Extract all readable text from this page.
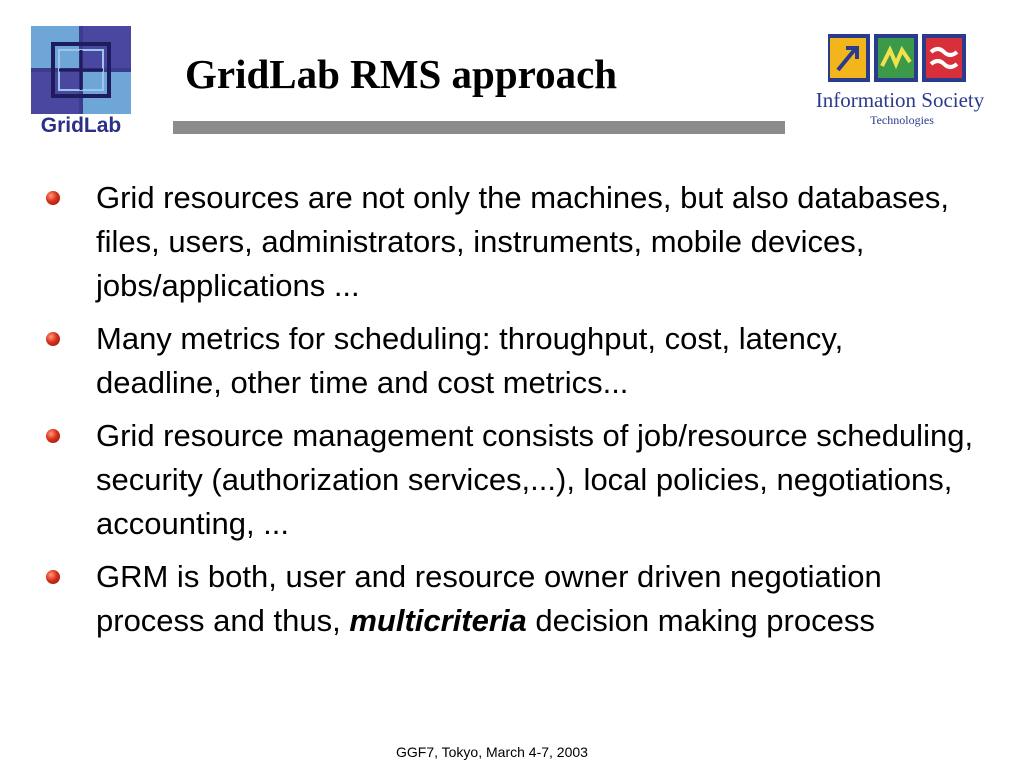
GridLab
GridLab RMS approach
Information Society
Technologies
Grid resources are not only the machines, but also databases, files, users, administrators, instruments, mobile devices, jobs/applications ...
Many metrics for scheduling: throughput, cost, latency, deadline, other time and cost metrics...
Grid resource management consists of job/resource scheduling, security (authorization services,...), local policies, negotiations, accounting, ...
GRM is both, user and resource owner driven negotiation process and thus, multicriteria decision making process
GGF7, Tokyo, March 4-7, 2003
